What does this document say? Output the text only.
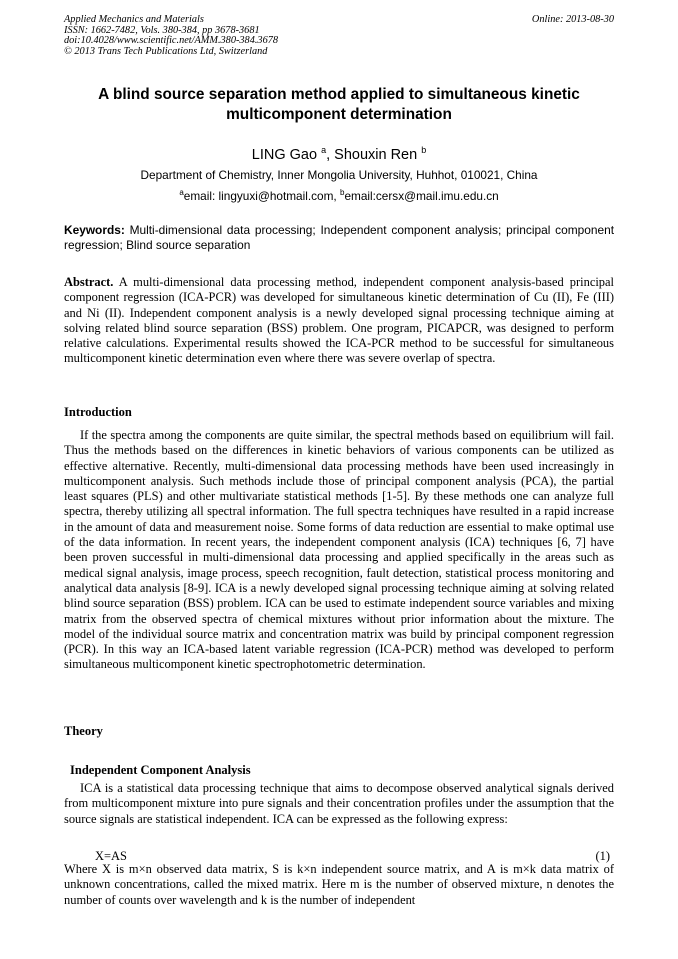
Applied Mechanics and Materials
ISSN: 1662-7482, Vols. 380-384, pp 3678-3681
doi:10.4028/www.scientific.net/AMM.380-384.3678
© 2013 Trans Tech Publications Ltd, Switzerland
Online: 2013-08-30
A blind source separation method applied to simultaneous kinetic multicomponent determination
LING Gao $^a$, Shouxin Ren $^b$
Department of Chemistry, Inner Mongolia University, Huhhot, 010021, China
$^a$email: lingyuxi@hotmail.com, $^b$email:cersx@mail.imu.edu.cn
Keywords: Multi-dimensional data processing; Independent component analysis; principal component regression; Blind source separation
Abstract. A multi-dimensional data processing method, independent component analysis-based principal component regression (ICA-PCR) was developed for simultaneous kinetic determination of Cu (II), Fe (III) and Ni (II). Independent component analysis is a newly developed signal processing technique aiming at solving related blind source separation (BSS) problem. One program, PICAPCR, was designed to perform relative calculations. Experimental results showed the ICA-PCR method to be successful for simultaneous multicomponent kinetic determination even where there was severe overlap of spectra.
Introduction
If the spectra among the components are quite similar, the spectral methods based on equilibrium will fail. Thus the methods based on the differences in kinetic behaviors of various components can be utilized as effective alternative. Recently, multi-dimensional data processing methods have been used increasingly in multicomponent analysis. Such methods include those of principal component analysis (PCA), the partial least squares (PLS) and other multivariate statistical methods [1-5]. By these methods one can analyze full spectra, thereby utilizing all spectral information. The full spectra techniques have resulted in a rapid increase in the amount of data and measurement noise. Some forms of data reduction are essential to make optimal use of the data information. In recent years, the independent component analysis (ICA) techniques [6, 7] have been proven successful in multi-dimensional data processing and applied specifically in the areas such as medical signal analysis, image process, speech recognition, fault detection, statistical process monitoring and analytical data analysis [8-9]. ICA is a newly developed signal processing technique aiming at solving related blind source separation (BSS) problem. ICA can be used to estimate independent source variables and mixing matrix from the observed spectra of chemical mixtures without prior information about the mixture. The model of the individual source matrix and concentration matrix was build by principal component regression (PCR). In this way an ICA-based latent variable regression (ICA-PCR) method was developed to perform simultaneous multicomponent kinetic spectrophotometric determination.
Theory
Independent Component Analysis
ICA is a statistical data processing technique that aims to decompose observed analytical signals derived from multicomponent mixture into pure signals and their concentration profiles under the assumption that the source signals are statistical independent. ICA can be expressed as the following express:
X=AS	(1)
Where X is m×n observed data matrix, S is k×n independent source matrix, and A is m×k data matrix of unknown concentrations, called the mixed matrix. Here m is the number of observed mixture, n denotes the number of counts over wavelength and k is the number of independent
